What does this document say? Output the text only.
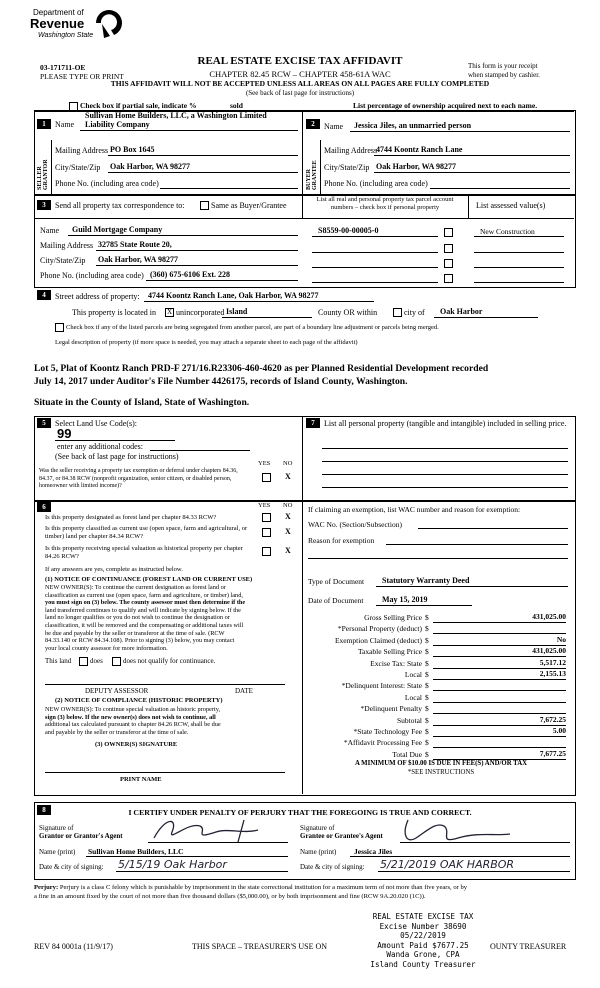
Department of
Revenue
Washington State
03-171711-OE
PLEASE TYPE OR PRINT
REAL ESTATE EXCISE TAX AFFIDAVIT
CHAPTER 82.45 RCW – CHAPTER 458-61A WAC
THIS AFFIDAVIT WILL NOT BE ACCEPTED UNLESS ALL AREAS ON ALL PAGES ARE FULLY COMPLETED
(See back of last page for instructions)
This form is your receipt
when stamped by cashier.
Check box if partial sale, indicate %	sold	List percentage of ownership acquired next to each name.
1
SELLER GRANTOR
Name
Sullivan Home Builders, LLC, a Washington Limited Liability Company
Mailing Address PO Box 1645
City/State/Zip Oak Harbor, WA 98277
Phone No. (including area code)
2
BUYER GRANTEE
Name Jessica Jiles, an unmarried person
Mailing Address
4744 Koontz Ranch Lane
City/State/Zip Oak Harbor, WA 98277
Phone No. (including area code)
3	Send all property tax correspondence to:	Same as Buyer/Grantee
List all real and personal property tax parcel account numbers – check box if personal property	List assessed value(s)
Name Guild Mortgage Company
Mailing Address 32785 State Route 20,
City/State/Zip Oak Harbor, WA 98277
Phone No. (including area code) (360) 675-6106 Ext. 228
S8559-00-00005-0	New Construction
4	Street address of property: 4744 Koontz Ranch Lane, Oak Harbor, WA 98277
This property is located in X unincorporated Island	County OR within	city of Oak Harbor
Check box if any of the listed parcels are being segregated from another parcel, are part of a boundary line adjustment or parcels being merged.
Legal description of property (if more space is needed, you may attach a separate sheet to each page of the affidavit)
Lot 5, Plat of Koontz Ranch PRD-F 271/16.R23306-460-4620 as per Planned Residential Development recorded
July 14, 2017 under Auditor's File Number 4426175, records of Island County, Washington.
Situate in the County of Island, State of Washington.
5	Select Land Use Code(s):
99
enter any additional codes:
(See back of last page for instructions)
YES NO
Was the seller receiving a property tax exemption or deferral under chapters 84.36, 84.37, or 84.38 RCW (nonprofit organization, senior citizen, or disabled person, homeowner with limited income)?
X
7	List all personal property (tangible and intangible) included in selling price.
6	YES NO
Is this property designated as forest land per chapter 84.33 RCW?	X
Is this property classified as current use (open space, farm and agricultural, or timber) land per chapter 84.34 RCW?
X
Is this property receiving special valuation as historical property per chapter 84.26 RCW?
X
If any answers are yes, complete as instructed below.
(1) NOTICE OF CONTINUANCE (FOREST LAND OR CURRENT USE)
NEW OWNER(S): To continue the current designation as forest land or
classification as current use (open space, farm and agriculture, or timber) land,
you must sign on (3) below. The county assessor must then determine if the
land transferred continues to qualify and will indicate by signing below. If the
land no longer qualifies or you do not wish to continue the designation or
classification, it will be removed and the compensating or additional taxes will
be due and payable by the seller or transferor at the time of sale. (RCW
84.33.140 or RCW 84.34.108). Prior to signing (3) below, you may contact
your local county assessor for more information.
This land	does	does not qualify for continuance.
DEPUTY ASSESSOR	DATE
(2) NOTICE OF COMPLIANCE (HISTORIC PROPERTY)
NEW OWNER(S): To continue special valuation as historic property,
sign (3) below. If the new owner(s) does not wish to continue, all
additional tax calculated pursuant to chapter 84.26 RCW, shall be due
and payable by the seller or transferor at the time of sale.
(3) OWNER(S) SIGNATURE
PRINT NAME
If claiming an exemption, list WAC number and reason for exemption:
WAC No. (Section/Subsection)
Reason for exemption
Type of Document Statutory Warranty Deed
Date of Document May 15, 2019
Gross Selling Price $	431,025.00
*Personal Property (deduct) $
Exemption Claimed (deduct) $	No
Taxable Selling Price $	431,025.00
Excise Tax: State $	5,517.12
Local $	2,155.13
*Delinquent Interest: State $
Local $
*Delinquent Penalty $
Subtotal $	7,672.25
*State Technology Fee $	5.00
*Affidavit Processing Fee $
Total Due $	7,677.25
A MINIMUM OF $10.00 IS DUE IN FEE(S) AND/OR TAX
*SEE INSTRUCTIONS
8	I CERTIFY UNDER PENALTY OF PERJURY THAT THE FOREGOING IS TRUE AND CORRECT.
Signature of
Grantor or Grantor's Agent
Signature of
Grantee or Grantee's Agent
Name (print) Sullivan Home Builders, LLC	Name (print) Jessica Jiles
Date & city of signing: 5/15/19 Oak Harbor	Date & city of signing: 5/21/2019 OAK HARBOR
Perjury: Perjury is a class C felony which is punishable by imprisonment in the state correctional institution for a maximum term of not more than five years, or by
a fine in an amount fixed by the court of not more than five thousand dollars ($5,000.00), or by both imprisonment and fine (RCW 9A.20.020 (1C)).
REV 84 0001a (11/9/17)	THIS SPACE – TREASURER'S USE ON	OUNTY TREASURER
REAL ESTATE EXCISE TAX
Excise Number 38690
05/22/2019
Amount Paid $7677.25
Wanda Grone, CPA
Island County Treasurer
